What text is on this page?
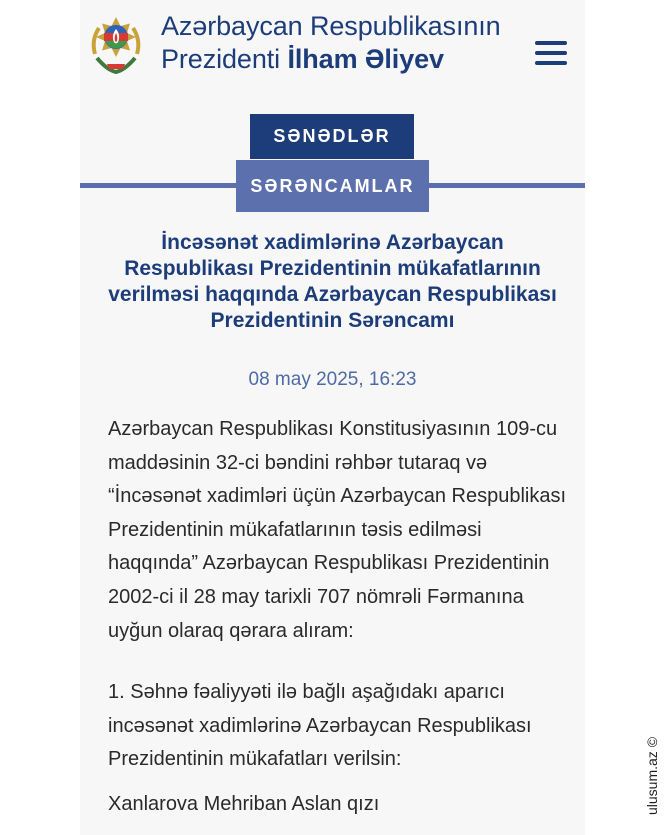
Azərbaycan Respublikasının
Prezidenti İlham Əliyev
SƏNƏDLƏR
SƏRƏNCAMLAR
İncəsənət xadimlərinə Azərbaycan Respublikası Prezidentinin mükafatlarının verilməsi haqqında Azərbaycan Respublikası Prezidentinin Sərəncamı
08 may 2025, 16:23

Azərbaycan Respublikası Konstitusiyasının 109-cu maddəsinin 32-ci bəndini rəhbər tutaraq və “İncəsənət xadimləri üçün Azərbaycan Respublikası Prezidentinin mükafatlarının təsis edilməsi haqqında” Azərbaycan Respublikası Prezidentinin 2002-ci il 28 may tarixli 707 nömrəli Fərmanına uyğun olaraq qərara alıram:

1. Səhnə fəaliyyəti ilə bağlı aşağıdakı aparıcı incəsənət xadimlərinə Azərbaycan Respublikası Prezidentinin mükafatları verilsin:

Xanlarova Mehriban Aslan qızı	ulusum.az ©
